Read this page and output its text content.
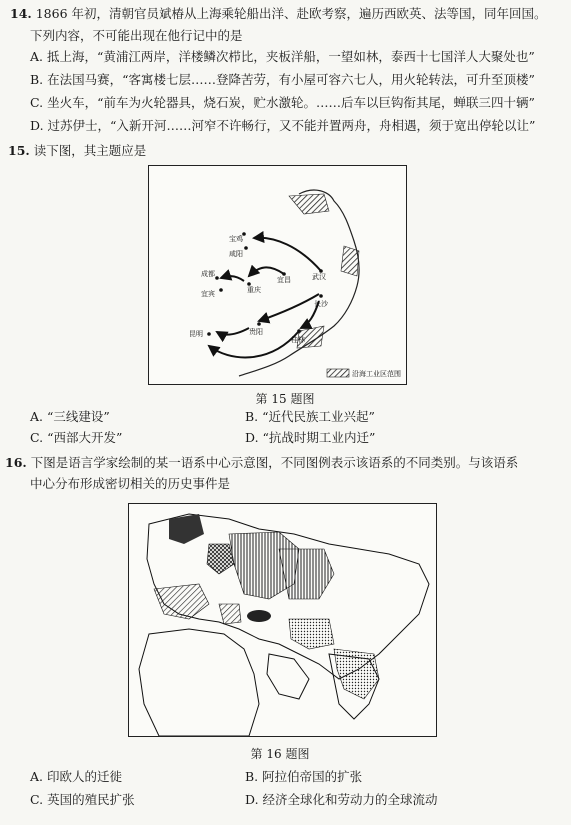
14. 1866 年初，清朝官员斌椿从上海乘轮船出洋、赴欧考察，遍历西欧英、法等国，同年回国。
下列内容，不可能出现在他行记中的是
A. 抵上海，“黄浦江两岸，洋楼鳞次栉比，夹板洋船，一望如林，泰西十七国洋人大聚处也”
B. 在法国马赛，“客寓楼七层……登降苦劳，有小屋可容六七人，用火轮转法，可升至顶楼”
C. 坐火车，“前车为火轮器具，烧石炭，贮水激轮。……后车以巨钩衔其尾，蝉联三四十辆”
D. 过苏伊士，“入新开河……河窄不许畅行，又不能并置两舟，舟相遇，须于宽出停轮以让”
15. 读下图，其主题应是
宝鸡
咸阳
成都
宜宾	重庆
宜昌	武汉
长沙
贵阳
昆明
桂林
沿海工业区范围
第 15 题图
A. “三线建设”	B. “近代民族工业兴起”
C. “西部大开发”	D. “抗战时期工业内迁”
16. 下图是语言学家绘制的某一语系中心示意图，不同图例表示该语系的不同类别。与该语系
中心分布形成密切相关的历史事件是
第 16 题图
A. 印欧人的迁徙	B. 阿拉伯帝国的扩张
C. 英国的殖民扩张	D. 经济全球化和劳动力的全球流动
